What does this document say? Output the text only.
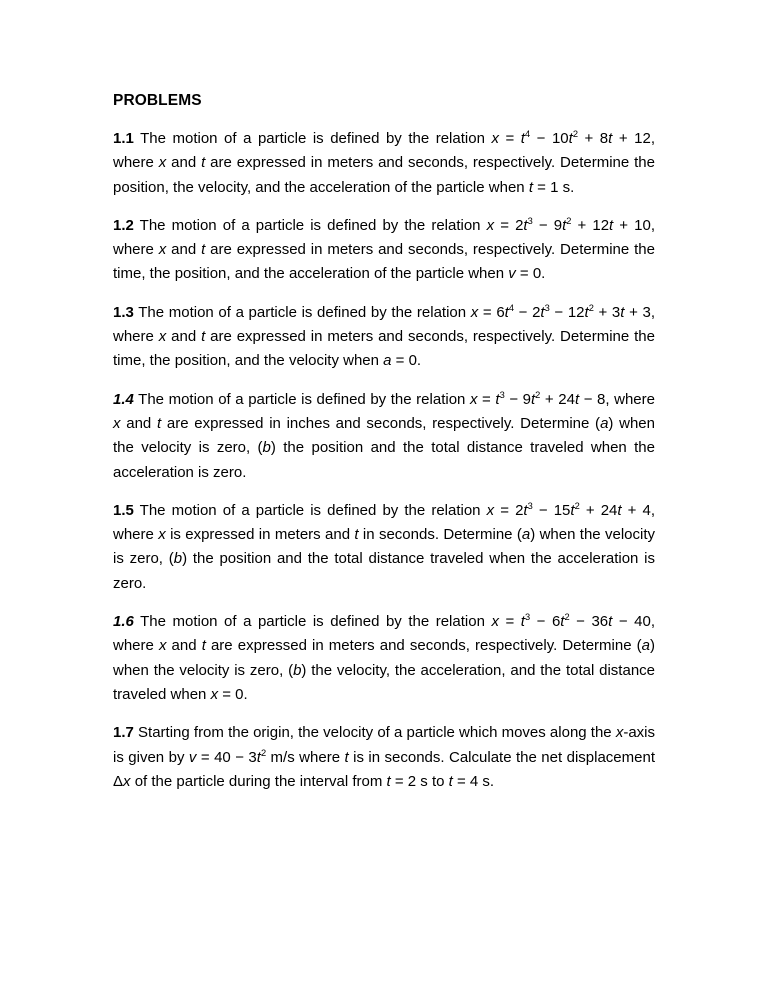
PROBLEMS

1.1 The motion of a particle is defined by the relation $x = t^4 - 10t^2 + 8t + 12$, where x and t are expressed in meters and seconds, respectively. Determine the position, the velocity, and the acceleration of the particle when t = 1 s.

1.2 The motion of a particle is defined by the relation $x = 2t^3 - 9t^2 + 12t + 10$, where x and t are expressed in meters and seconds, respectively. Determine the time, the position, and the acceleration of the particle when v = 0.

1.3 The motion of a particle is defined by the relation $x = 6t^4 - 2t^3 - 12t^2 + 3t + 3$, where x and t are expressed in meters and seconds, respectively. Determine the time, the position, and the velocity when a = 0.

1.4 The motion of a particle is defined by the relation $x = t^3 - 9t^2 + 24t - 8$, where x and t are expressed in inches and seconds, respectively. Determine (a) when the velocity is zero, (b) the position and the total distance traveled when the acceleration is zero.

1.5 The motion of a particle is defined by the relation $x = 2t^3 - 15t^2 + 24t + 4$, where x is expressed in meters and t in seconds. Determine (a) when the velocity is zero, (b) the position and the total distance traveled when the acceleration is zero.

1.6 The motion of a particle is defined by the relation $x = t^3 - 6t^2 - 36t - 40$, where x and t are expressed in meters and seconds, respectively. Determine (a) when the velocity is zero, (b) the velocity, the acceleration, and the total distance traveled when x = 0.

1.7 Starting from the origin, the velocity of a particle which moves along the x-axis is given by $v = 40 - 3t^2$ m/s where t is in seconds. Calculate the net displacement Δx of the particle during the interval from t = 2 s to t = 4 s.
